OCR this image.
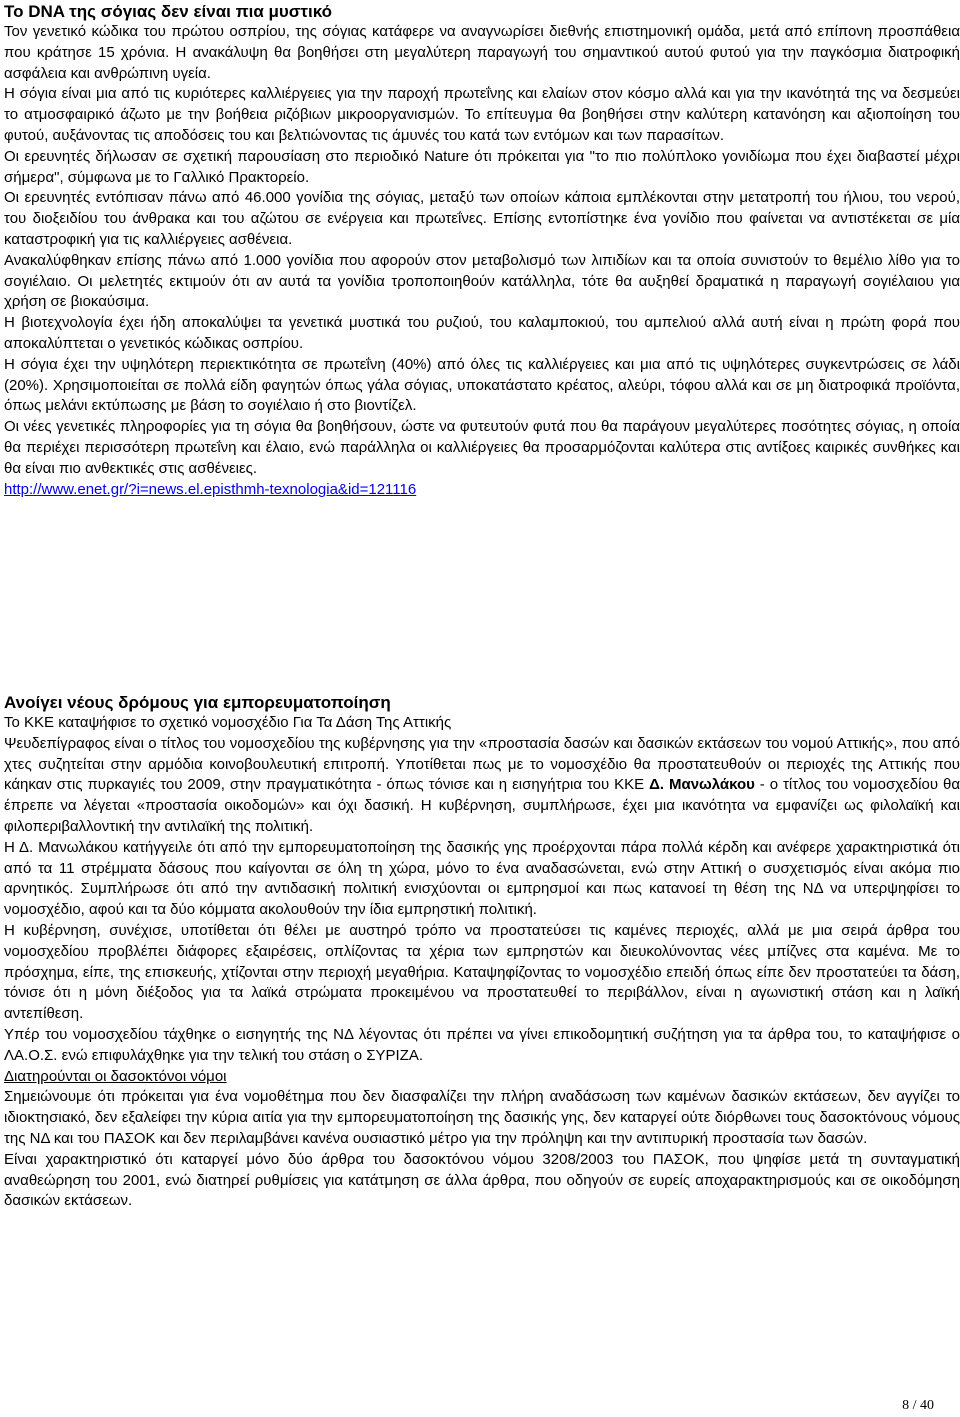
Το DNA της σόγιας δεν είναι πια μυστικό

Τον γενετικό κώδικα του πρώτου οσπρίου, της σόγιας κατάφερε να αναγνωρίσει διεθνής επιστημονική ομάδα, μετά από επίπονη προσπάθεια που κράτησε 15 χρόνια. Η ανακάλυψη θα βοηθήσει στη μεγαλύτερη παραγωγή του σημαντικού αυτού φυτού για την παγκόσμια διατροφική ασφάλεια και ανθρώπινη υγεία.

Η σόγια είναι μια από τις κυριότερες καλλιέργειες για την παροχή πρωτεΐνης και ελαίων στον κόσμο αλλά και για την ικανότητά της να δεσμεύει το ατμοσφαιρικό άζωτο με την βοήθεια ριζόβιων μικροοργανισμών. Το επίτευγμα θα βοηθήσει στην καλύτερη κατανόηση και αξιοποίηση του φυτού, αυξάνοντας τις αποδόσεις του και βελτιώνοντας τις άμυνές του κατά των εντόμων και των παρασίτων.

Οι ερευνητές δήλωσαν σε σχετική παρουσίαση στο περιοδικό Nature ότι πρόκειται για "το πιο πολύπλοκο γονιδίωμα που έχει διαβαστεί μέχρι σήμερα", σύμφωνα με το Γαλλικό Πρακτορείο.

Οι ερευνητές εντόπισαν πάνω από 46.000 γονίδια της σόγιας, μεταξύ των οποίων κάποια εμπλέκονται στην μετατροπή του ήλιου, του νερού, του διοξειδίου του άνθρακα και του αζώτου σε ενέργεια και πρωτεΐνες. Επίσης εντοπίστηκε ένα γονίδιο που φαίνεται να αντιστέκεται σε μία καταστροφική για τις καλλιέργειες ασθένεια.

Ανακαλύφθηκαν επίσης πάνω από 1.000 γονίδια που αφορούν στον μεταβολισμό των λιπιδίων και τα οποία συνιστούν το θεμέλιο λίθο για το σογιέλαιο. Οι μελετητές εκτιμούν ότι αν αυτά τα γονίδια τροποποιηθούν κατάλληλα, τότε θα αυξηθεί δραματικά η παραγωγή σογιέλαιου για χρήση σε βιοκαύσιμα.

Η βιοτεχνολογία έχει ήδη αποκαλύψει τα γενετικά μυστικά του ρυζιού, του καλαμποκιού, του αμπελιού αλλά αυτή είναι η πρώτη φορά που αποκαλύπτεται ο γενετικός κώδικας οσπρίου.

Η σόγια έχει την υψηλότερη περιεκτικότητα σε πρωτεΐνη (40%) από όλες τις καλλιέργειες και μια από τις υψηλότερες συγκεντρώσεις σε λάδι (20%). Χρησιμοποιείται σε πολλά είδη φαγητών όπως γάλα σόγιας, υποκατάστατο κρέατος, αλεύρι, τόφου αλλά και σε μη διατροφικά προϊόντα, όπως μελάνι εκτύπωσης με βάση το σογιέλαιο ή στο βιοντίζελ.

Οι νέες γενετικές πληροφορίες για τη σόγια θα βοηθήσουν, ώστε να φυτευτούν φυτά που θα παράγουν μεγαλύτερες ποσότητες σόγιας, η οποία θα περιέχει περισσότερη πρωτεΐνη και έλαιο, ενώ παράλληλα οι καλλιέργειες θα προσαρμόζονται καλύτερα στις αντίξοες καιρικές συνθήκες και θα είναι πιο ανθεκτικές στις ασθένειες.

http://www.enet.gr/?i=news.el.episthmh-texnologia&id=121116
Ανοίγει νέους δρόμους για εμπορευματοποίηση

Το ΚΚΕ καταψήφισε το σχετικό νομοσχέδιο Για Τα Δάση Της Αττικής

Ψευδεπίγραφος είναι ο τίτλος του νομοσχεδίου της κυβέρνησης για την «προστασία δασών και δασικών εκτάσεων του νομού Αττικής», που από χτες συζητείται στην αρμόδια κοινοβουλευτική επιτροπή. Υποτίθεται πως με το νομοσχέδιο θα προστατευθούν οι περιοχές της Αττικής που κάηκαν στις πυρκαγιές του 2009, στην πραγματικότητα - όπως τόνισε και η εισηγήτρια του ΚΚΕ Δ. Μανωλάκου - ο τίτλος του νομοσχεδίου θα έπρεπε να λέγεται «προστασία οικοδομών» και όχι δασική. Η κυβέρνηση, συμπλήρωσε, έχει μια ικανότητα να εμφανίζει ως φιλολαϊκή και φιλοπεριβαλλοντική την αντιλαϊκή της πολιτική.

Η Δ. Μανωλάκου κατήγγειλε ότι από την εμπορευματοποίηση της δασικής γης προέρχονται πάρα πολλά κέρδη και ανέφερε χαρακτηριστικά ότι από τα 11 στρέμματα δάσους που καίγονται σε όλη τη χώρα, μόνο το ένα αναδασώνεται, ενώ στην Αττική ο συσχετισμός είναι ακόμα πιο αρνητικός. Συμπλήρωσε ότι από την αντιδασική πολιτική ενισχύονται οι εμπρησμοί και πως κατανοεί τη θέση της ΝΔ να υπερψηφίσει το νομοσχέδιο, αφού και τα δύο κόμματα ακολουθούν την ίδια εμπρηστική πολιτική.

Η κυβέρνηση, συνέχισε, υποτίθεται ότι θέλει με αυστηρό τρόπο να προστατεύσει τις καμένες περιοχές, αλλά με μια σειρά άρθρα του νομοσχεδίου προβλέπει διάφορες εξαιρέσεις, οπλίζοντας τα χέρια των εμπρηστών και διευκολύνοντας νέες μπίζνες στα καμένα. Με το πρόσχημα, είπε, της επισκευής, χτίζονται στην περιοχή μεγαθήρια. Καταψηφίζοντας το νομοσχέδιο επειδή όπως είπε δεν προστατεύει τα δάση, τόνισε ότι η μόνη διέξοδος για τα λαϊκά στρώματα προκειμένου να προστατευθεί το περιβάλλον, είναι η αγωνιστική στάση και η λαϊκή αντεπίθεση.

Υπέρ του νομοσχεδίου τάχθηκε ο εισηγητής της ΝΔ λέγοντας ότι πρέπει να γίνει επικοδομητική συζήτηση για τα άρθρα του, το καταψήφισε ο ΛΑ.Ο.Σ. ενώ επιφυλάχθηκε για την τελική του στάση ο ΣΥΡΙΖΑ.

Διατηρούνται οι δασοκτόνοι νόμοι

Σημειώνουμε ότι πρόκειται για ένα νομοθέτημα που δεν διασφαλίζει την πλήρη αναδάσωση των καμένων δασικών εκτάσεων, δεν αγγίζει το ιδιοκτησιακό, δεν εξαλείφει την κύρια αιτία για την εμπορευματοποίηση της δασικής γης, δεν καταργεί ούτε διόρθωνει τους δασοκτόνους νόμους της ΝΔ και του ΠΑΣΟΚ και δεν περιλαμβάνει κανένα ουσιαστικό μέτρο για την πρόληψη και την αντιπυρική προστασία των δασών.

Είναι χαρακτηριστικό ότι καταργεί μόνο δύο άρθρα του δασοκτόνου νόμου 3208/2003 του ΠΑΣΟΚ, που ψηφίσε μετά τη συνταγματική αναθεώρηση του 2001, ενώ διατηρεί ρυθμίσεις για κατάτμηση σε άλλα άρθρα, που οδηγούν σε ευρείς αποχαρακτηρισμούς και σε οικοδόμηση δασικών εκτάσεων.

8 / 40
